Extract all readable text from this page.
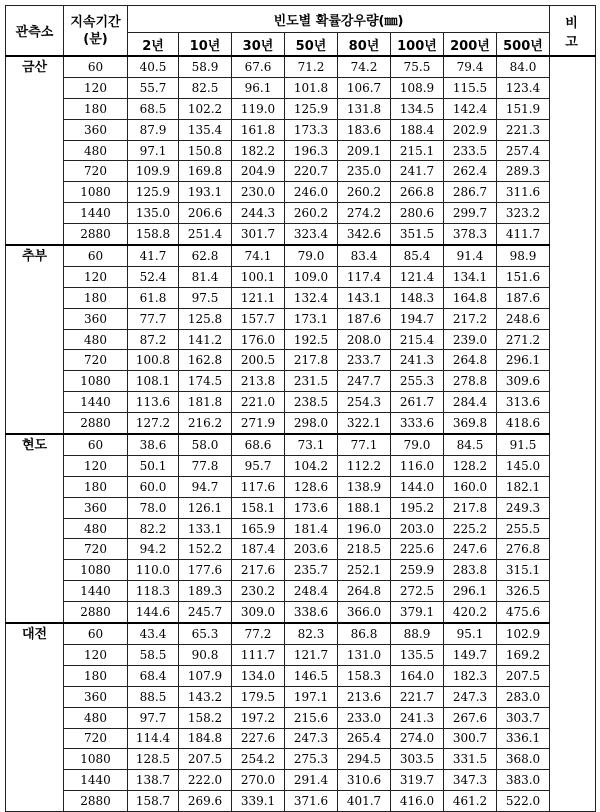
관측소	지속기간
(분)	빈도별 확률강우량(㎜)								비 고
		2년	10년	30년	50년	80년	100년	200년	500년	
금산	60	40.5	58.9	67.6	71.2	74.2	75.5	79.4	84.0	
	120	55.7	82.5	96.1	101.8	106.7	108.9	115.5	123.4	
	180	68.5	102.2	119.0	125.9	131.8	134.5	142.4	151.9	
	360	87.9	135.4	161.8	173.3	183.6	188.4	202.9	221.3	
	480	97.1	150.8	182.2	196.3	209.1	215.1	233.5	257.4	
	720	109.9	169.8	204.9	220.7	235.0	241.7	262.4	289.3	
	1080	125.9	193.1	230.0	246.0	260.2	266.8	286.7	311.6	
	1440	135.0	206.6	244.3	260.2	274.2	280.6	299.7	323.2	
	2880	158.8	251.4	301.7	323.4	342.6	351.5	378.3	411.7	
추부	60	41.7	62.8	74.1	79.0	83.4	85.4	91.4	98.9	
	120	52.4	81.4	100.1	109.0	117.4	121.4	134.1	151.6	
	180	61.8	97.5	121.1	132.4	143.1	148.3	164.8	187.6	
	360	77.7	125.8	157.7	173.1	187.6	194.7	217.2	248.6	
	480	87.2	141.2	176.0	192.5	208.0	215.4	239.0	271.2	
	720	100.8	162.8	200.5	217.8	233.7	241.3	264.8	296.1	
	1080	108.1	174.5	213.8	231.5	247.7	255.3	278.8	309.6	
	1440	113.6	181.8	221.0	238.5	254.3	261.7	284.4	313.6	
	2880	127.2	216.2	271.9	298.0	322.1	333.6	369.8	418.6	
현도	60	38.6	58.0	68.6	73.1	77.1	79.0	84.5	91.5	
	120	50.1	77.8	95.7	104.2	112.2	116.0	128.2	145.0	
	180	60.0	94.7	117.6	128.6	138.9	144.0	160.0	182.1	
	360	78.0	126.1	158.1	173.6	188.1	195.2	217.8	249.3	
	480	82.2	133.1	165.9	181.4	196.0	203.0	225.2	255.5	
	720	94.2	152.2	187.4	203.6	218.5	225.6	247.6	276.8	
	1080	110.0	177.6	217.6	235.7	252.1	259.9	283.8	315.1	
	1440	118.3	189.3	230.2	248.4	264.8	272.5	296.1	326.5	
	2880	144.6	245.7	309.0	338.6	366.0	379.1	420.2	475.6	
대전	60	43.4	65.3	77.2	82.3	86.8	88.9	95.1	102.9	
	120	58.5	90.8	111.7	121.7	131.0	135.5	149.7	169.2	
	180	68.4	107.9	134.0	146.5	158.3	164.0	182.3	207.5	
	360	88.5	143.2	179.5	197.1	213.6	221.7	247.3	283.0	
	480	97.7	158.2	197.2	215.6	233.0	241.3	267.6	303.7	
	720	114.4	184.8	227.6	247.3	265.4	274.0	300.7	336.1	
	1080	128.5	207.5	254.2	275.3	294.5	303.5	331.5	368.0	
	1440	138.7	222.0	270.0	291.4	310.6	319.7	347.3	383.0	
	2880	158.7	269.6	339.1	371.6	401.7	416.0	461.2	522.0	
